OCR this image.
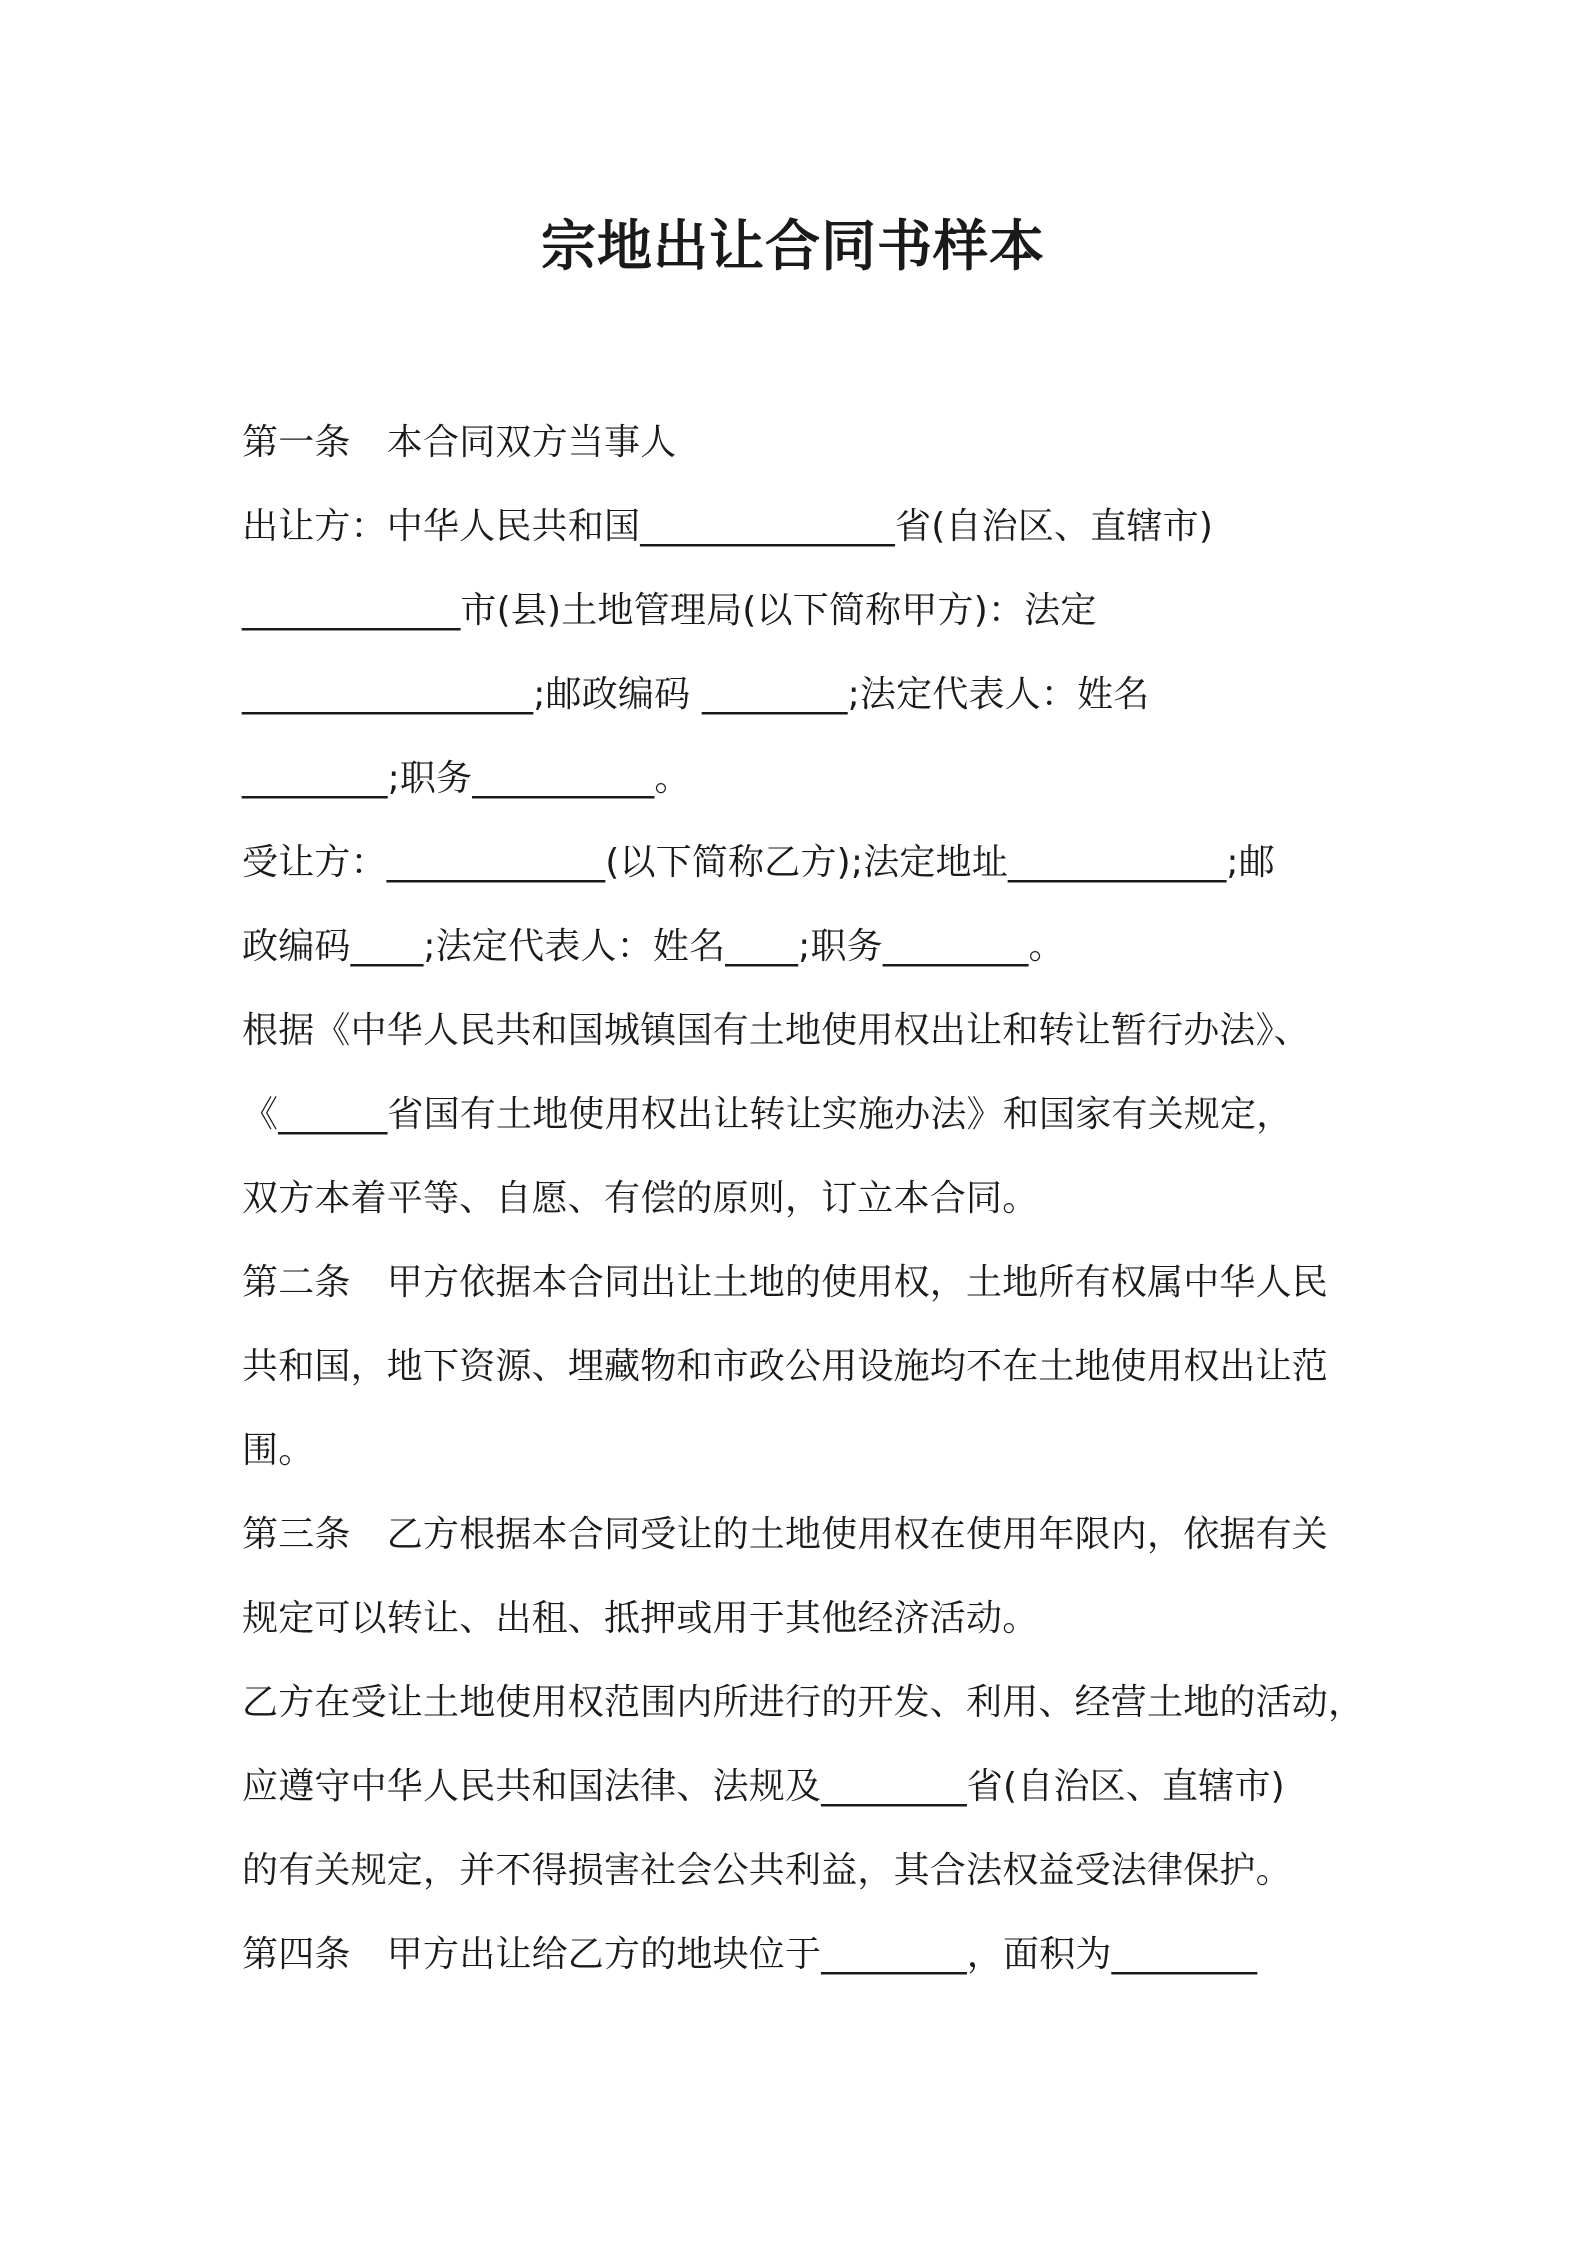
宗地出让合同书样本
第一条　本合同双方当事人
出让方：中华人民共和国______________省(自治区、直辖市)
____________市(县)土地管理局(以下简称甲方)：法定
________________;邮政编码 ________;法定代表人：姓名
________;职务__________。
受让方：____________(以下简称乙方);法定地址____________;邮
政编码____;法定代表人：姓名____;职务________。
根据《中华人民共和国城镇国有土地使用权出让和转让暂行办法》、
《______省国有土地使用权出让转让实施办法》和国家有关规定，
双方本着平等、自愿、有偿的原则，订立本合同。
第二条　甲方依据本合同出让土地的使用权，土地所有权属中华人民
共和国，地下资源、埋藏物和市政公用设施均不在土地使用权出让范
围。
第三条　乙方根据本合同受让的土地使用权在使用年限内，依据有关
规定可以转让、出租、抵押或用于其他经济活动。
乙方在受让土地使用权范围内所进行的开发、利用、经营土地的活动，
应遵守中华人民共和国法律、法规及________省(自治区、直辖市)
的有关规定，并不得损害社会公共利益，其合法权益受法律保护。
第四条　甲方出让给乙方的地块位于________，面积为________
